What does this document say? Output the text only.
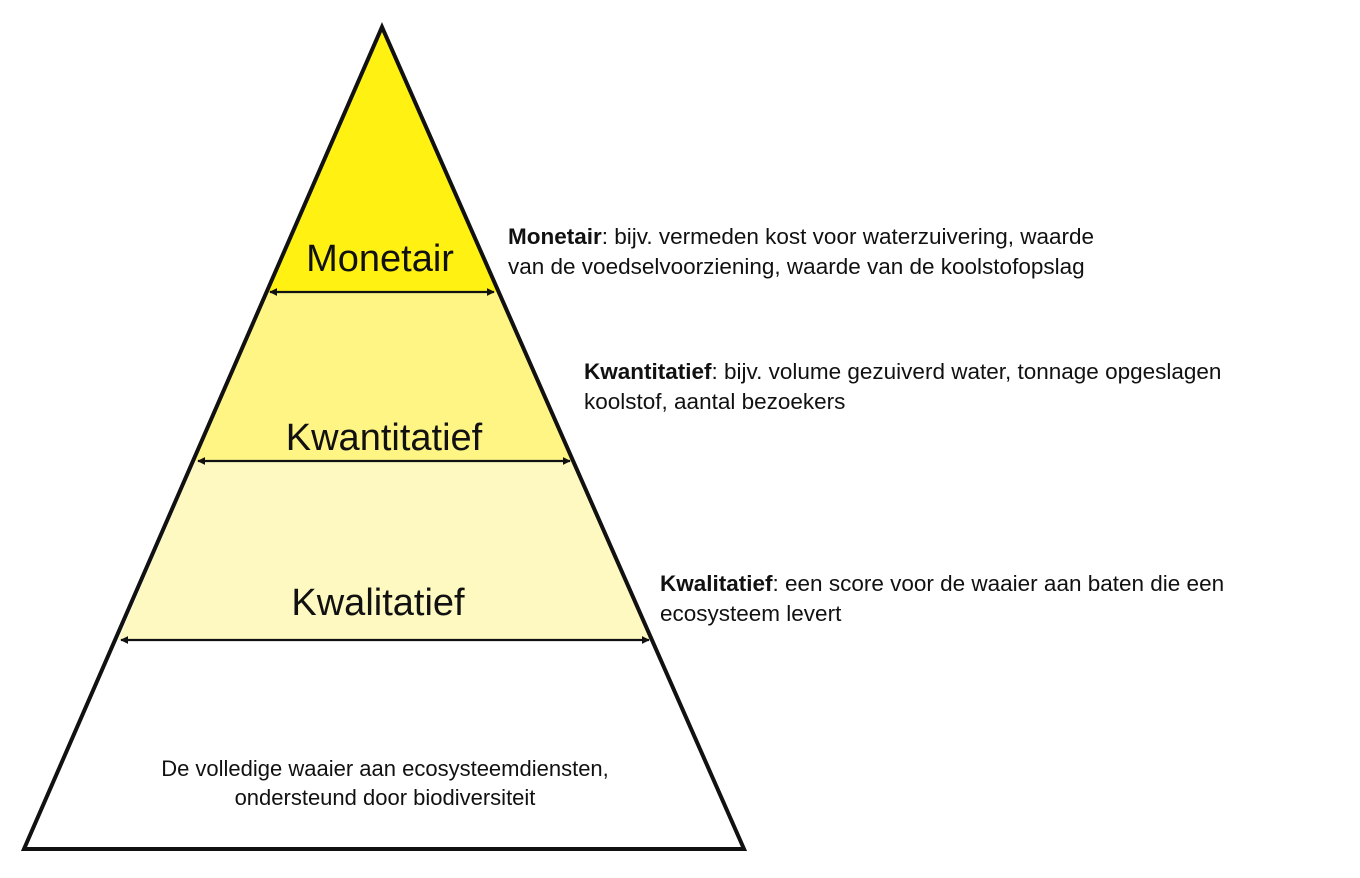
Monetair
Kwantitatief
Kwalitatief
De volledige waaier aan ecosysteemdiensten,
ondersteund door biodiversiteit
Monetair: bijv. vermeden kost voor waterzuivering, waarde
van de voedselvoorziening, waarde van de koolstofopslag
Kwantitatief: bijv. volume gezuiverd water, tonnage opgeslagen
koolstof, aantal bezoekers
Kwalitatief: een score voor de waaier aan baten die een
ecosysteem levert
